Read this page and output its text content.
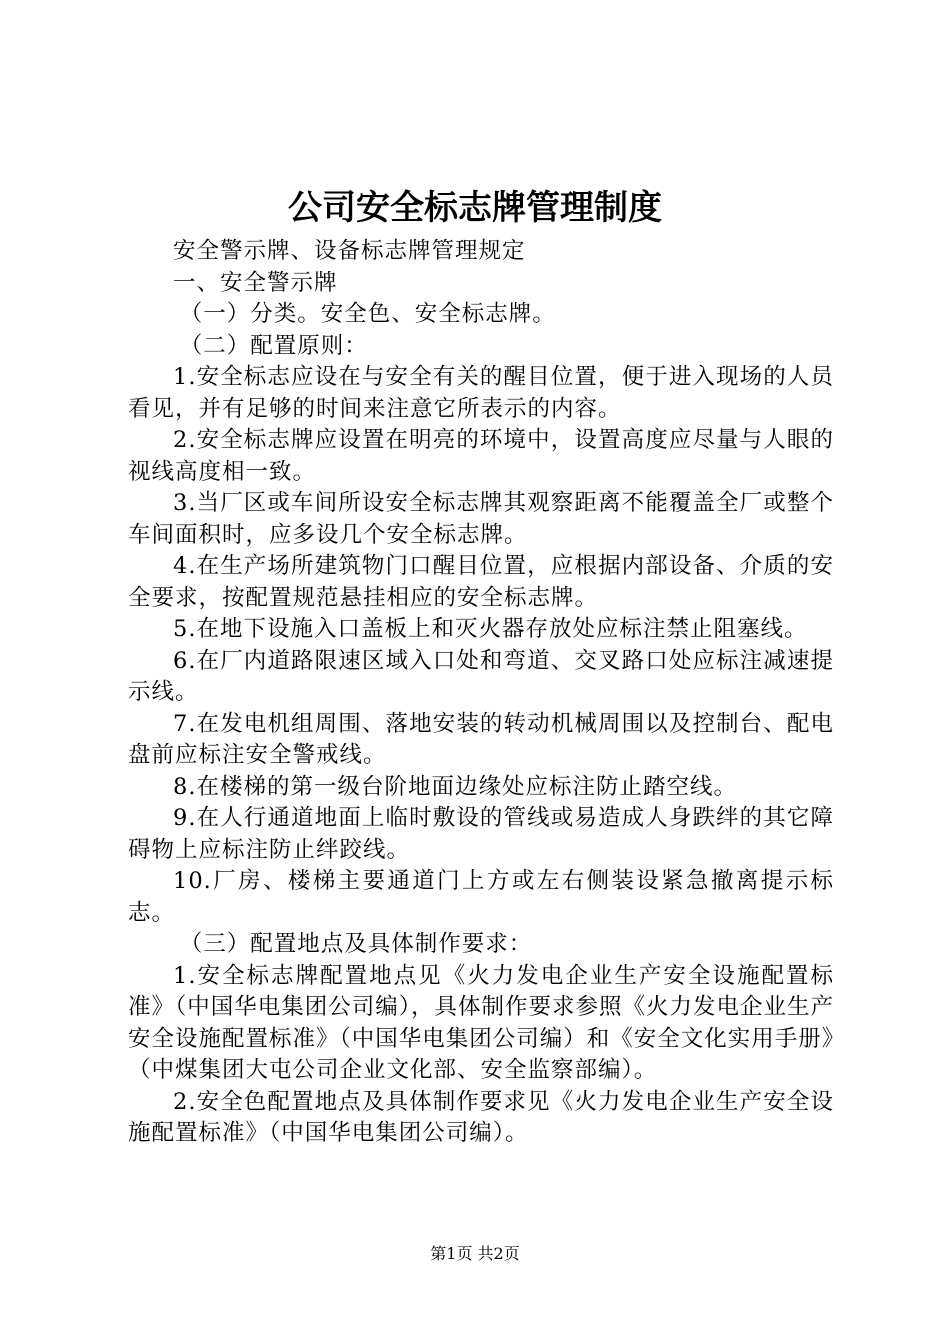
公司安全标志牌管理制度

安全警示牌、设备标志牌管理规定

一、安全警示牌

（一）分类。安全色、安全标志牌。

（二）配置原则：

1.安全标志应设在与安全有关的醒目位置，便于进入现场的人员看见，并有足够的时间来注意它所表示的内容。

2.安全标志牌应设置在明亮的环境中，设置高度应尽量与人眼的视线高度相一致。

3.当厂区或车间所设安全标志牌其观察距离不能覆盖全厂或整个车间面积时，应多设几个安全标志牌。

4.在生产场所建筑物门口醒目位置，应根据内部设备、介质的安全要求，按配置规范悬挂相应的安全标志牌。

5.在地下设施入口盖板上和灭火器存放处应标注禁止阻塞线。

6.在厂内道路限速区域入口处和弯道、交叉路口处应标注减速提示线。

7.在发电机组周围、落地安装的转动机械周围以及控制台、配电盘前应标注安全警戒线。

8.在楼梯的第一级台阶地面边缘处应标注防止踏空线。

9.在人行通道地面上临时敷设的管线或易造成人身跌绊的其它障碍物上应标注防止绊跤线。

10.厂房、楼梯主要通道门上方或左右侧装设紧急撤离提示标志。

（三）配置地点及具体制作要求：

1.安全标志牌配置地点见《火力发电企业生产安全设施配置标准》（中国华电集团公司编），具体制作要求参照《火力发电企业生产安全设施配置标准》（中国华电集团公司编）和《安全文化实用手册》（中煤集团大屯公司企业文化部、安全监察部编）。

2.安全色配置地点及具体制作要求见《火力发电企业生产安全设施配置标准》（中国华电集团公司编）。

第1页 共2页
